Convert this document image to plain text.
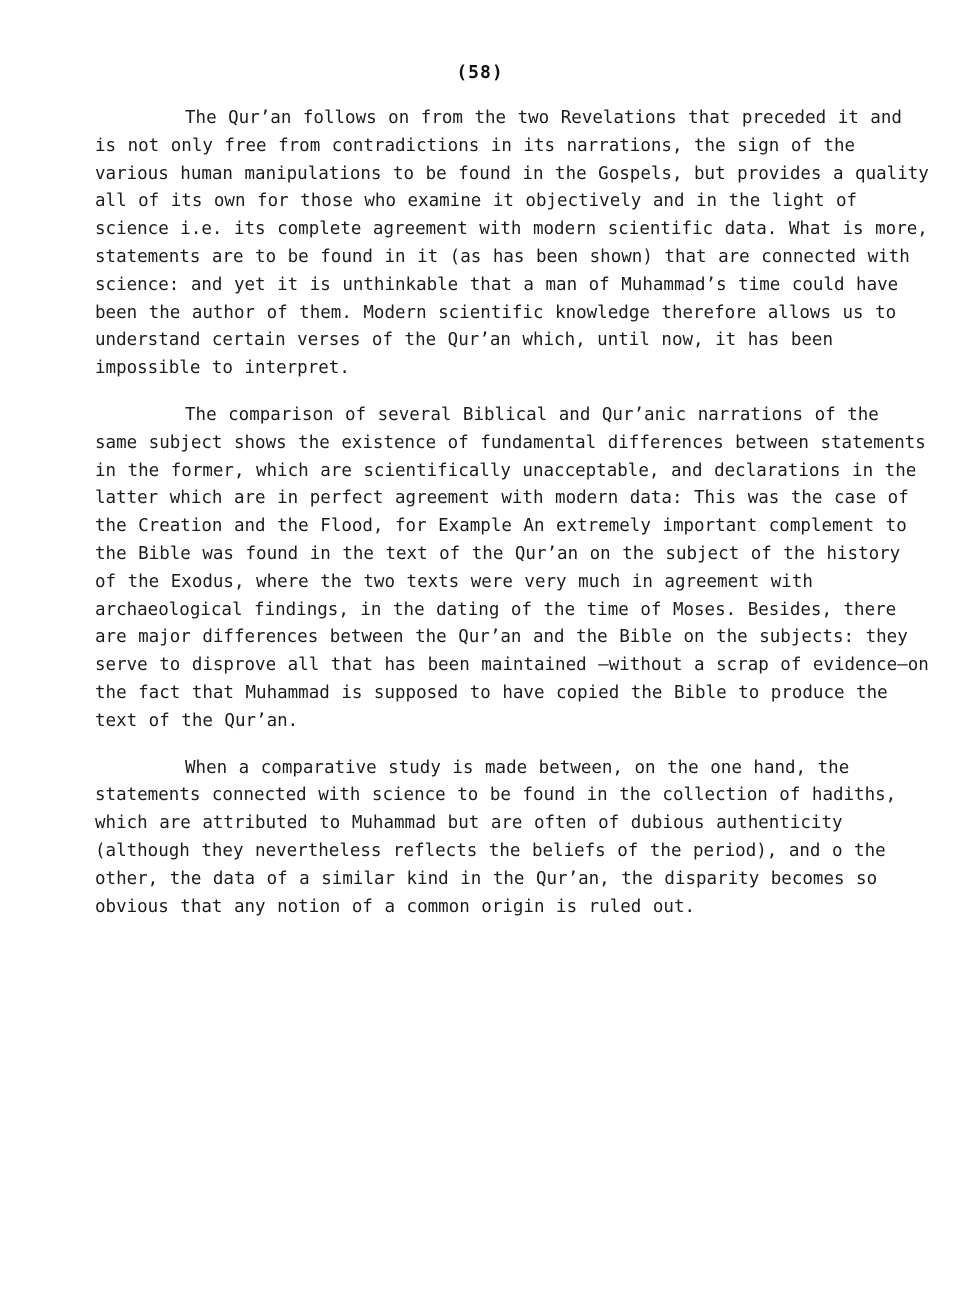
(58)

The Qur’an follows on from the two Revelations that preceded it and is not only free from contradictions in its narrations, the sign of the various human manipulations to be found in the Gospels, but provides a quality all of its own for those who examine it objectively and in the light of science i.e. its complete agreement with modern scientific data. What is more, statements are to be found in it (as has been shown) that are connected with science: and yet it is unthinkable that a man of Muhammad’s time could have been the author of them. Modern scientific knowledge therefore allows us to understand certain verses of the Qur’an which, until now, it has been impossible to interpret.

The comparison of several Biblical and Qur’anic narrations of the same subject shows the existence of fundamental differences between statements in the former, which are scientifically unacceptable, and declarations in the latter which are in perfect agreement with modern data: This was the case of the Creation and the Flood, for Example An extremely important complement to the Bible was found in the text of the Qur’an on the subject of the history of the Exodus, where the two texts were very much in agreement with archaeological findings, in the dating of the time of Moses. Besides, there are major differences between the Qur’an and the Bible on the subjects: they serve to disprove all that has been maintained –without a scrap of evidence—on the fact that Muhammad is supposed to have copied the Bible to produce the text of the Qur’an.

When a comparative study is made between, on the one hand, the statements connected with science to be found in the collection of hadiths, which are attributed to Muhammad but are often of dubious authenticity (although they nevertheless reflects the beliefs of the period), and o the other, the data of a similar kind in the Qur’an, the disparity becomes so obvious that any notion of a common origin is ruled out.
